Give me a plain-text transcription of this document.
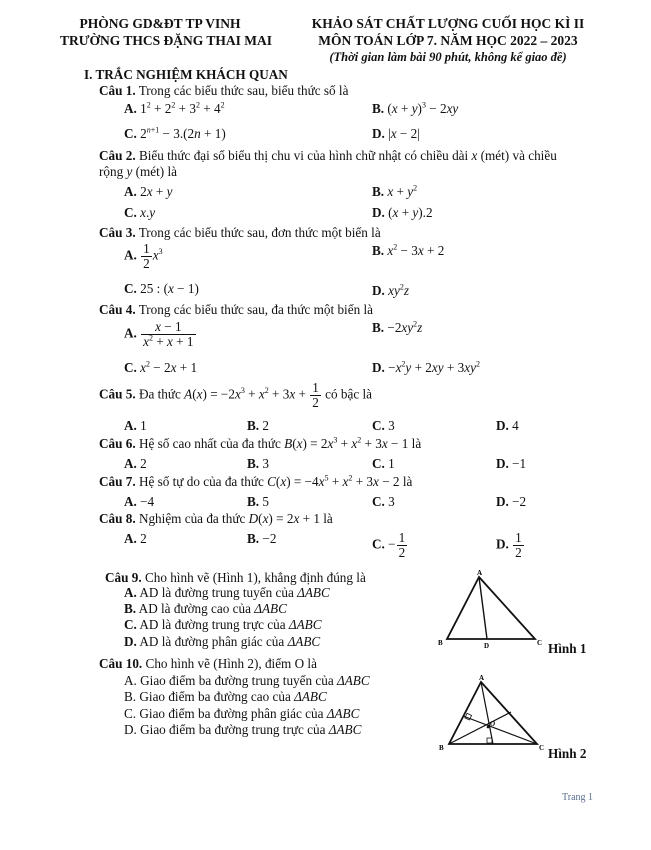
PHÒNG GD&ĐT TP VINH
TRƯỜNG THCS ĐẶNG THAI MAI
KHẢO SÁT CHẤT LƯỢNG CUỐI HỌC KÌ II
MÔN TOÁN LỚP 7. NĂM HỌC 2022 – 2023
(Thời gian làm bài 90 phút, không kể giao đề)
I. TRẮC NGHIỆM KHÁCH QUAN
Câu 1. Trong các biểu thức sau, biểu thức số là
A. $1^2 + 2^2 + 3^2 + 4^2$	B. $(x + y)^3 - 2xy$
C. $2^{n+1} - 3.(2n + 1)$	D. |x − 2|
Câu 2. Biểu thức đại số biểu thị chu vi của hình chữ nhật có chiều dài x (mét) và chiều
rộng y (mét) là
A. 2x + y	B. $x + y^2$
C. x.y	D. (x + y).2
Câu 3. Trong các biểu thức sau, đơn thức một biến là
A. $\frac{1}{2} x^3$	B. $x^2 - 3x + 2$
C. 25 : (x − 1)	D. $xy^2z$
Câu 4. Trong các biểu thức sau, đa thức một biến là
A. $\frac{x - 1}{x^2 + x + 1}$	B. $-2xy^2z$
C. $x^2 - 2x + 1$	D. $-x^2y + 2xy + 3xy^2$
Câu 5. Đa thức $A(x) = -2x^3 + x^2 + 3x + \frac{1}{2}$ có bậc là
A. 1	B. 2	C. 3	D. 4
Câu 6. Hệ số cao nhất của đa thức $B(x) = 2x^3 + x^2 + 3x - 1$ là
A. 2	B. 3	C. 1	D. −1
Câu 7. Hệ số tự do của đa thức $C(x) = -4x^5 + x^2 + 3x - 2$ là
A. −4	B. 5	C. 3	D. −2
Câu 8. Nghiệm của đa thức D(x) = 2x + 1 là
A. 2	B. −2	C. − $\frac{1}{2}$	D. $\frac{1}{2}$
Câu 9. Cho hình vẽ (Hình 1), khẳng định đúng là
A. AD là đường trung tuyến của ΔABC
B. AD là đường cao của ΔABC
C. AD là đường trung trực của ΔABC
D. AD là đường phân giác của ΔABC
A
B	C
D	Hình 1
Câu 10. Cho hình vẽ (Hình 2), điểm O là
A. Giao điểm ba đường trung tuyến của ΔABC
B. Giao điểm ba đường cao của ΔABC
C. Giao điểm ba đường phân giác của ΔABC
D. Giao điểm ba đường trung trực của ΔABC	O
A
B	C Hình 2
Trang 1
